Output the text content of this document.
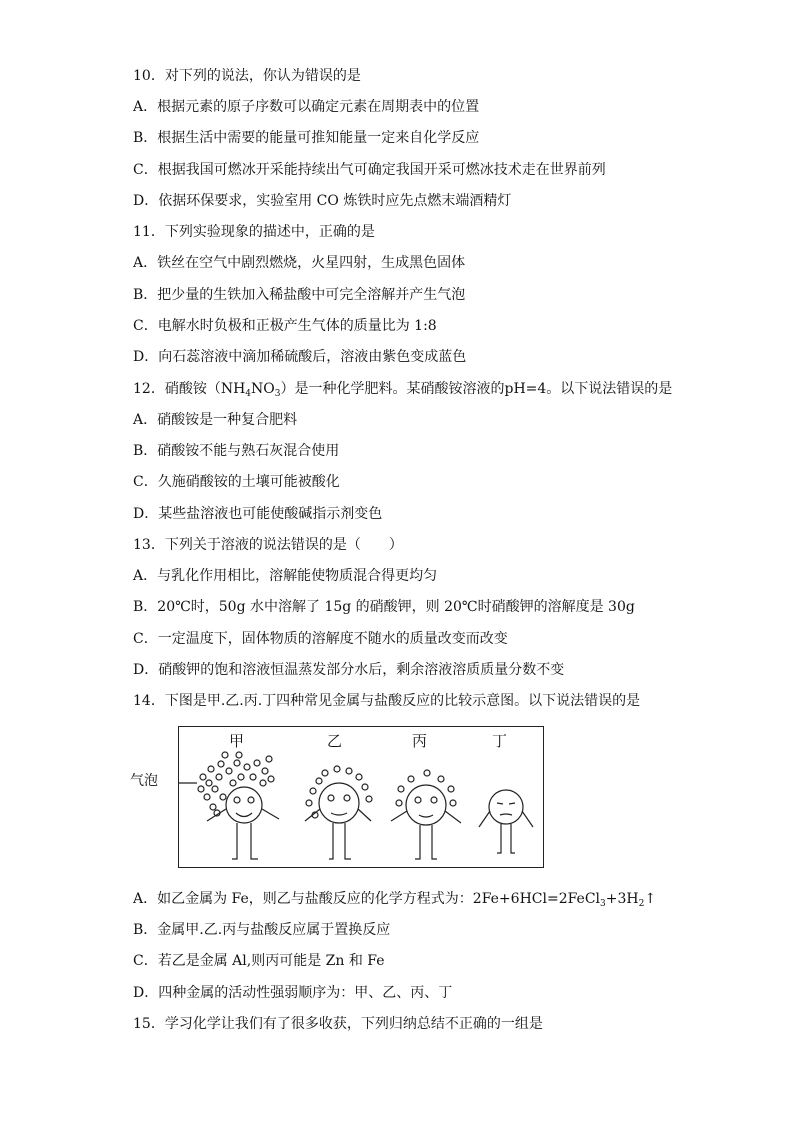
10．对下列的说法，你认为错误的是
A．根据元素的原子序数可以确定元素在周期表中的位置
B．根据生活中需要的能量可推知能量一定来自化学反应
C．根据我国可燃冰开采能持续出气可确定我国开采可燃冰技术走在世界前列
D．依据环保要求，实验室用 CO 炼铁时应先点燃末端酒精灯
11．下列实验现象的描述中，正确的是
A．铁丝在空气中剧烈燃烧，火星四射，生成黑色固体
B．把少量的生铁加入稀盐酸中可完全溶解并产生气泡
C．电解水时负极和正极产生气体的质量比为 1:8
D．向石蕊溶液中滴加稀硫酸后，溶液由紫色变成蓝色
12．硝酸铵$(NH_4NO_3)$是一种化学肥料。某硝酸铵溶液的pH=4。以下说法错误的是
A．硝酸铵是一种复合肥料
B．硝酸铵不能与熟石灰混合使用
C．久施硝酸铵的土壤可能被酸化
D．某些盐溶液也可能使酸碱指示剂变色
13．下列关于溶液的说法错误的是（　　）
A．与乳化作用相比，溶解能使物质混合得更均匀
B．20℃时，50g 水中溶解了 15g 的硝酸钾，则 20℃时硝酸钾的溶解度是 30g
C．一定温度下，固体物质的溶解度不随水的质量改变而改变
D．硝酸钾的饱和溶液恒温蒸发部分水后，剩余溶液溶质质量分数不变
14．下图是甲.乙.丙.丁四种常见金属与盐酸反应的比较示意图。以下说法错误的是
气泡
甲	乙	丙	丁
A．如乙金属为 Fe，则乙与盐酸反应的化学方程式为：$2Fe+6HCl=2FeCl_3+3H_2↑$
B．金属甲.乙.丙与盐酸反应属于置换反应
C．若乙是金属 Al,则丙可能是 Zn 和 Fe
D．四种金属的活动性强弱顺序为：甲、乙、丙、丁
15．学习化学让我们有了很多收获，下列归纳总结不正确的一组是
